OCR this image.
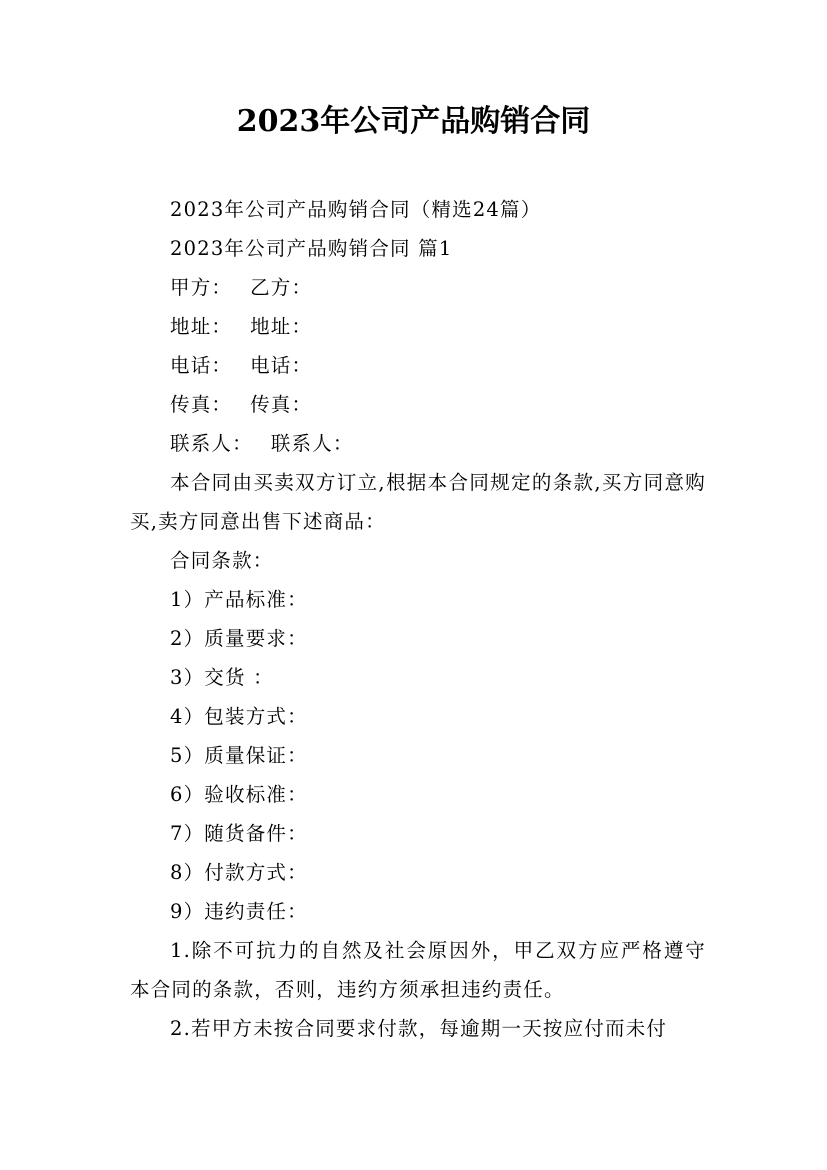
2023年公司产品购销合同

2023年公司产品购销合同（精选24篇）

2023年公司产品购销合同 篇1

甲方： 乙方：

地址： 地址：

电话： 电话：

传真： 传真：

联系人： 联系人：

本合同由买卖双方订立,根据本合同规定的条款,买方同意购买,卖方同意出售下述商品：

合同条款：

1）产品标准：

2）质量要求：

3）交货 ：

4）包装方式：

5）质量保证：

6）验收标准：

7）随货备件：

8）付款方式：

9）违约责任：

1.除不可抗力的自然及社会原因外，甲乙双方应严格遵守本合同的条款，否则，违约方须承担违约责任。

2.若甲方未按合同要求付款，每逾期一天按应付而未付
